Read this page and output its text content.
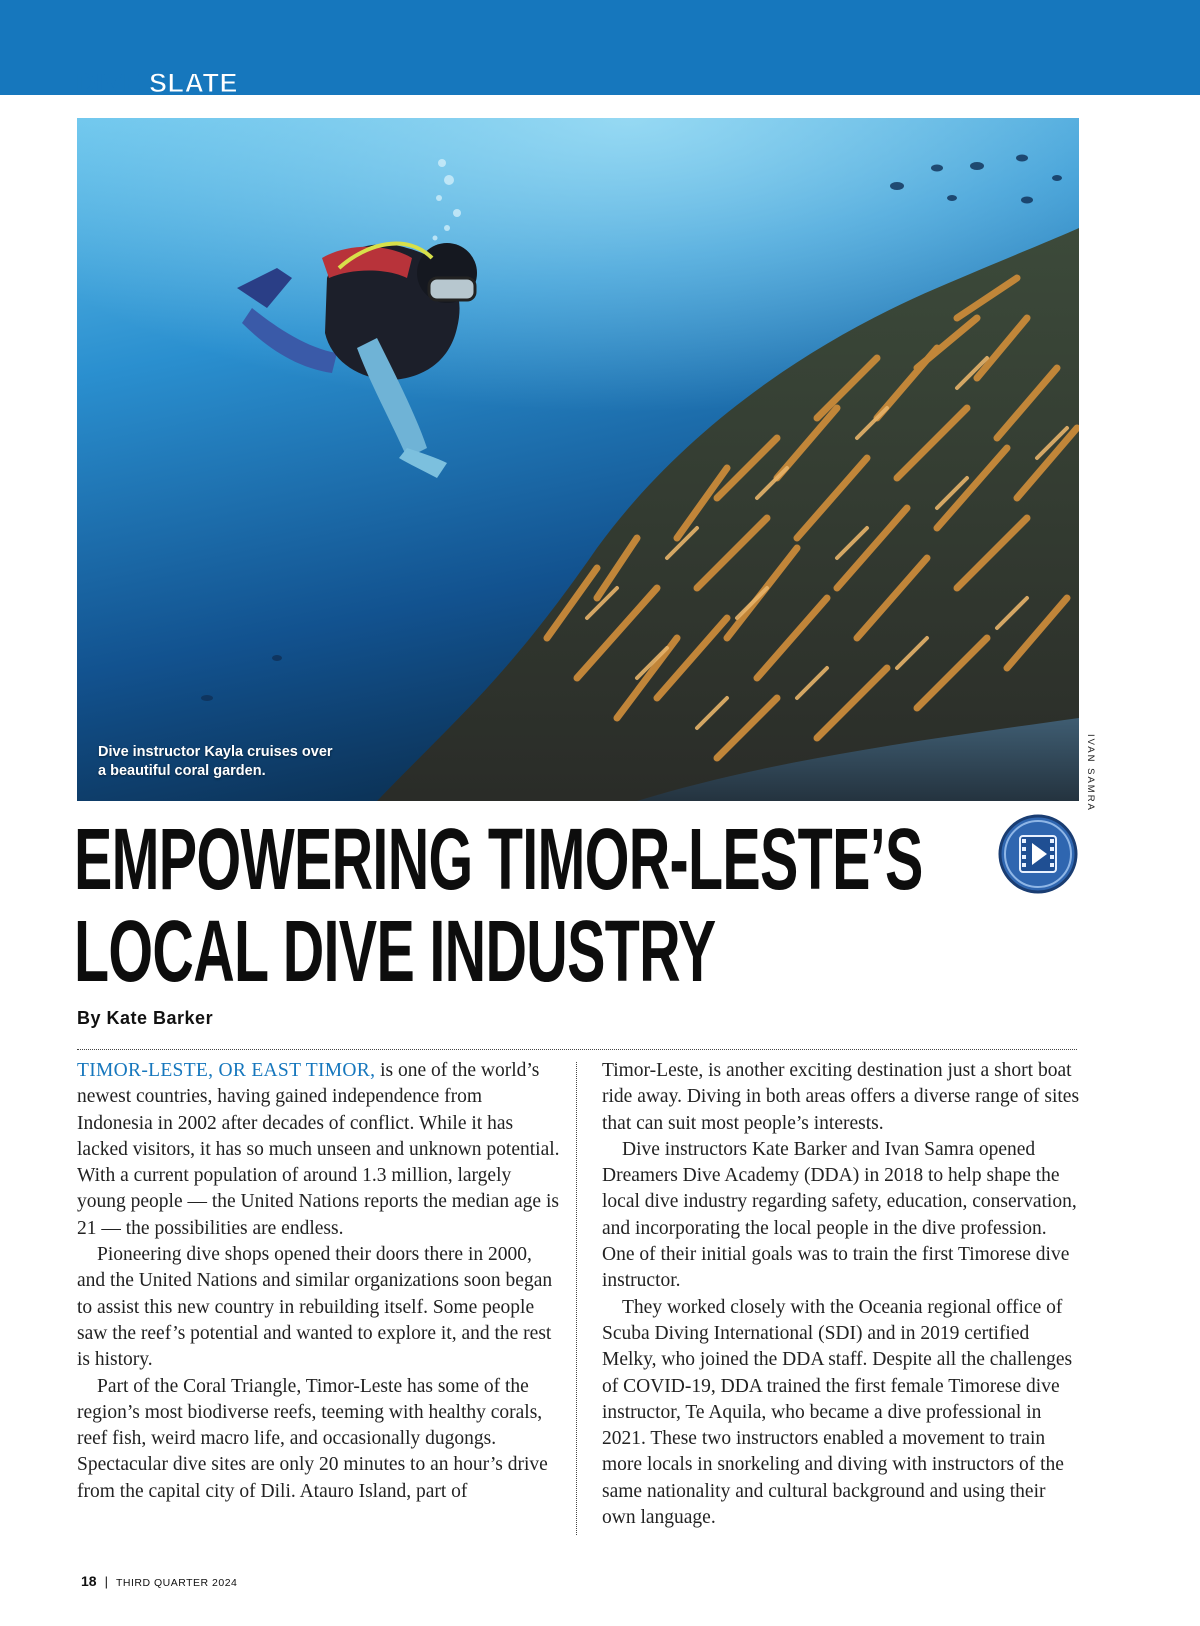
DIVE SLATE
Dive instructor Kayla cruises over a beautiful coral garden.	IVAN SAMRA
EMPOWERING TIMOR-LESTE’S
LOCAL DIVE INDUSTRY
By Kate Barker

TIMOR-LESTE, OR EAST TIMOR, is one of the world’s newest countries, having gained independence from Indonesia in 2002 after decades of conflict. While it has lacked visitors, it has so much unseen and unknown potential. With a current population of around 1.3 million, largely young people — the United Nations reports the median age is 21 — the possibilities are endless.

Pioneering dive shops opened their doors there in 2000, and the United Nations and similar organizations soon began to assist this new country in rebuilding itself. Some people saw the reef’s potential and wanted to explore it, and the rest is history.

Part of the Coral Triangle, Timor-Leste has some of the region’s most biodiverse reefs, teeming with healthy corals, reef fish, weird macro life, and occasionally dugongs. Spectacular dive sites are only 20 minutes to an hour’s drive from the capital city of Dili. Atauro Island, part of

Timor-Leste, is another exciting destination just a short boat ride away. Diving in both areas offers a diverse range of sites that can suit most people’s interests.

Dive instructors Kate Barker and Ivan Samra opened Dreamers Dive Academy (DDA) in 2018 to help shape the local dive industry regarding safety, education, conservation, and incorporating the local people in the dive profession. One of their initial goals was to train the first Timorese dive instructor.

They worked closely with the Oceania regional office of Scuba Diving International (SDI) and in 2019 certified Melky, who joined the DDA staff. Despite all the challenges of COVID-19, DDA trained the first female Timorese dive instructor, Te Aquila, who became a dive professional in 2021. These two instructors enabled a movement to train more locals in snorkeling and diving with instructors of the same nationality and cultural background and using their own language.

18 | THIRD QUARTER 2024
